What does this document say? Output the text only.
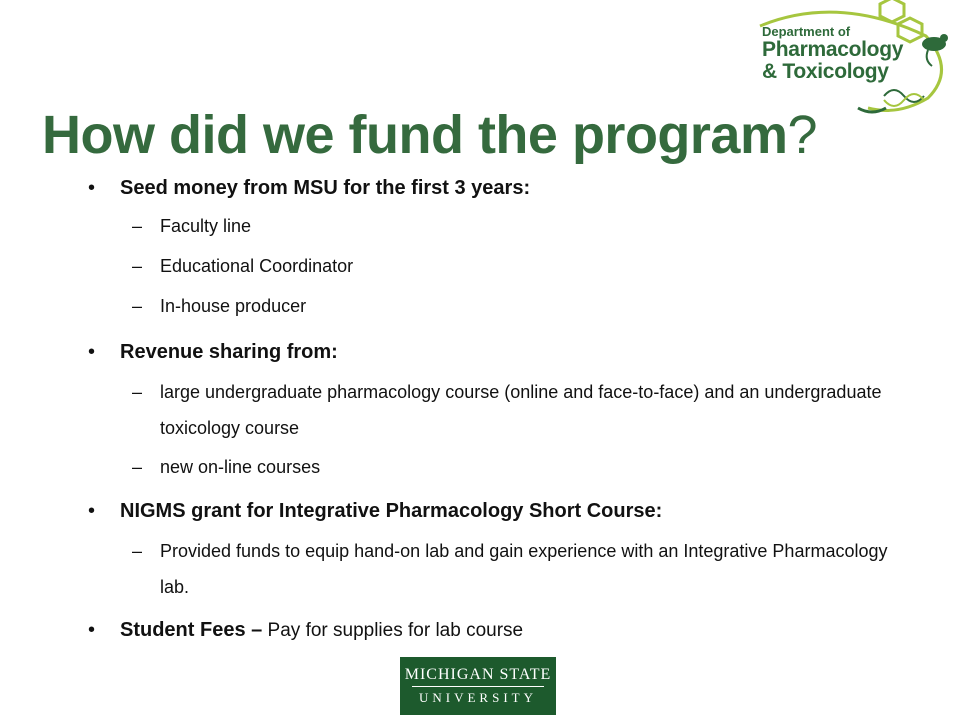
Department of
Pharmacology
& Toxicology
How did we fund the program?
• Seed money from MSU for the first 3 years:
– Faculty line
– Educational Coordinator
– In-house producer
• Revenue sharing from:
– large undergraduate pharmacology course (online and face-to-face) and an undergraduate toxicology course
– new on-line courses
• NIGMS grant for Integrative Pharmacology Short Course:
– Provided funds to equip hand-on lab and gain experience with an Integrative Pharmacology lab.
• Student Fees – Pay for supplies for lab course
MICHIGAN STATE
UNIVERSITY
